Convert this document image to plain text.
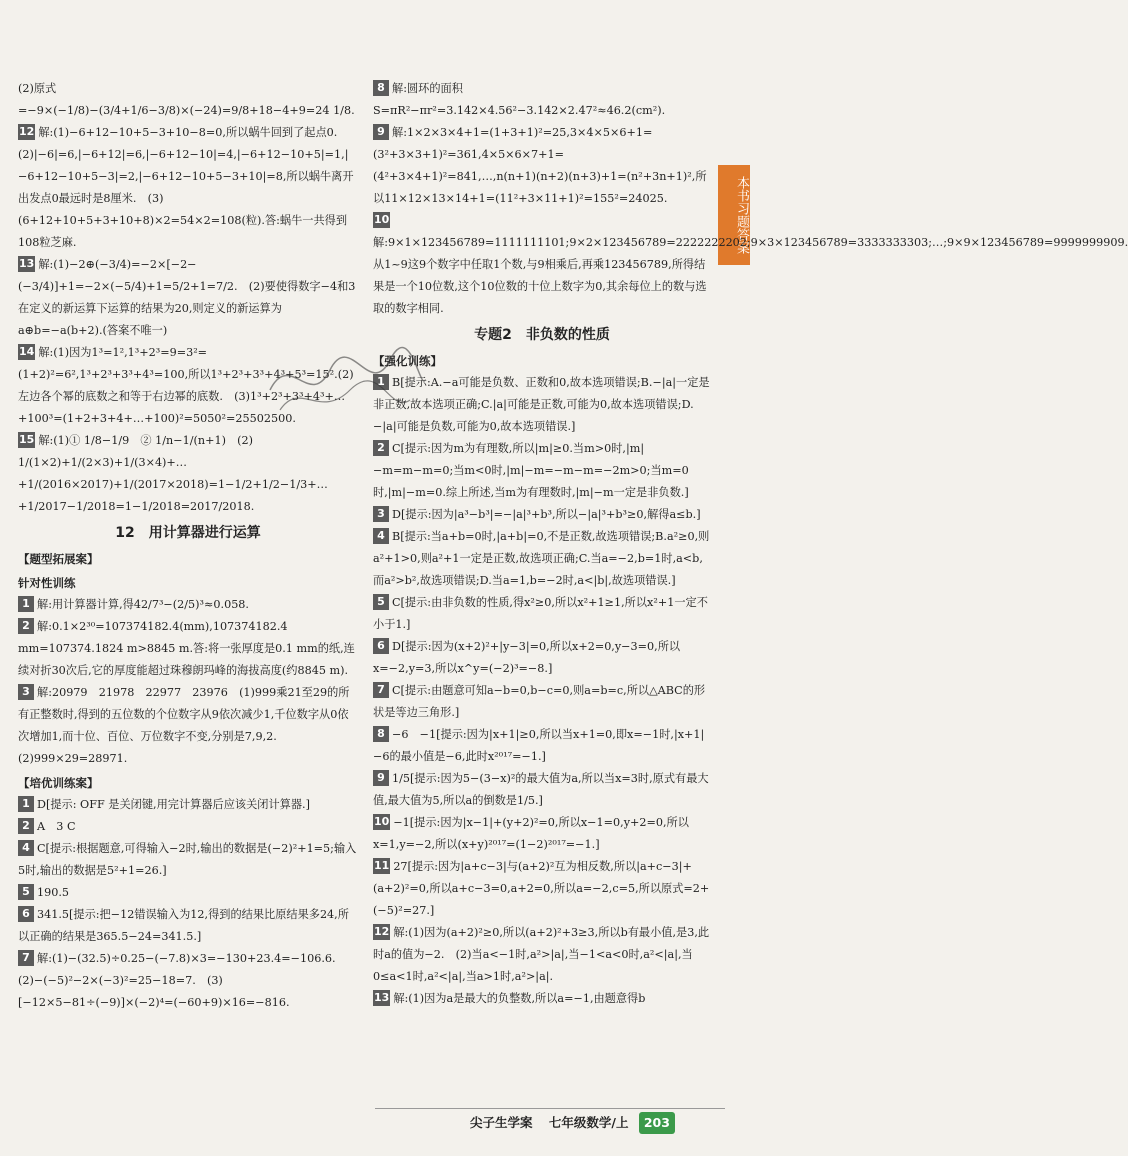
本书习题答案

(2)原式=−9×(−1/8)−(3/4+1/6−3/8)×(−24)=9/8+18−4+9=24 1/8.

12 解:(1)−6+12−10+5−3+10−8=0,所以蜗牛回到了起点0.　(2)|−6|=6,|−6+12|=6,|−6+12−10|=4,|−6+12−10+5|=1,|−6+12−10+5−3|=2,|−6+12−10+5−3+10|=8,所以蜗牛离开出发点0最远时是8厘米.　(3)(6+12+10+5+3+10+8)×2=54×2=108(粒).答:蜗牛一共得到108粒芝麻.

13 解:(1)−2⊕(−3/4)=−2×[−2−(−3/4)]+1=−2×(−5/4)+1=5/2+1=7/2.　(2)要使得数字−4和3在定义的新运算下运算的结果为20,则定义的新运算为a⊕b=−a(b+2).(答案不唯一)

14 解:(1)因为1³=1²,1³+2³=9=3²=(1+2)²=6²,1³+2³+3³+4³=100,所以1³+2³+3³+4³+5³=15².(2)左边各个幂的底数之和等于右边幂的底数.　(3)1³+2³+3³+4³+…+100³=(1+2+3+4+…+100)²=5050²=25502500.

15 解:(1)① 1/8−1/9　② 1/n−1/(n+1)　(2) 1/(1×2)+1/(2×3)+1/(3×4)+…+1/(2016×2017)+1/(2017×2018)=1−1/2+1/2−1/3+…+1/2017−1/2018=1−1/2018=2017/2018.

12　用计算器进行运算
【题型拓展案】
针对性训练

1 解:用计算器计算,得42/7³−(2/5)³≈0.058.

2 解:0.1×2³⁰=107374182.4(mm),107374182.4 mm=107374.1824 m>8845 m.答:将一张厚度是0.1 mm的纸,连续对折30次后,它的厚度能超过珠穆朗玛峰的海拔高度(约8845 m).

3 解:20979　21978　22977　23976　(1)999乘21至29的所有正整数时,得到的五位数的个位数字从9依次减少1,千位数字从0依次增加1,而十位、百位、万位数字不变,分别是7,9,2.　(2)999×29=28971.

【培优训练案】

1 D[提示: OFF 是关闭键,用完计算器后应该关闭计算器.]

2 A　3 C

4 C[提示:根据题意,可得输入−2时,输出的数据是(−2)²+1=5;输入5时,输出的数据是5²+1=26.]

5 190.5

6 341.5[提示:把−12错误输入为12,得到的结果比原结果多24,所以正确的结果是365.5−24=341.5.]

7 解:(1)−(32.5)÷0.25−(−7.8)×3=−130+23.4=−106.6.　(2)−(−5)²−2×(−3)²=25−18=7.　(3)[−12×5−81÷(−9)]×(−2)⁴=(−60+9)×16=−816.

8 解:圆环的面积S=πR²−πr²=3.142×4.56²−3.142×2.47²≈46.2(cm²).

9 解:1×2×3×4+1=(1+3+1)²=25,3×4×5×6+1=(3²+3×3+1)²=361,4×5×6×7+1=(4²+3×4+1)²=841,…,n(n+1)(n+2)(n+3)+1=(n²+3n+1)²,所以11×12×13×14+1=(11²+3×11+1)²=155²=24025.

10解:9×1×123456789=1111111101;9×2×123456789=2222222202;9×3×123456789=3333333303;…;9×9×123456789=9999999909.从1~9这9个数字中任取1个数,与9相乘后,再乘123456789,所得结果是一个10位数,这个10位数的十位上数字为0,其余每位上的数与选取的数字相同.

专题2　非负数的性质
【强化训练】

1 B[提示:A.−a可能是负数、正数和0,故本选项错误;B.−|a|一定是非正数,故本选项正确;C.|a|可能是正数,可能为0,故本选项错误;D.−|a|可能是负数,可能为0,故本选项错误.]

2 C[提示:因为m为有理数,所以|m|≥0.当m>0时,|m|−m=m−m=0;当m<0时,|m|−m=−m−m=−2m>0;当m=0时,|m|−m=0.综上所述,当m为有理数时,|m|−m一定是非负数.]

3 D[提示:因为|a³−b³|=−|a|³+b³,所以−|a|³+b³≥0,解得a≤b.]

4 B[提示:当a+b=0时,|a+b|=0,不是正数,故选项错误;B.a²≥0,则a²+1>0,则a²+1一定是正数,故选项正确;C.当a=−2,b=1时,a<b,而a²>b²,故选项错误;D.当a=1,b=−2时,a<|b|,故选项错误.]

5 C[提示:由非负数的性质,得x²≥0,所以x²+1≥1,所以x²+1一定不小于1.]

6 D[提示:因为(x+2)²+|y−3|=0,所以x+2=0,y−3=0,所以x=−2,y=3,所以x^y=(−2)³=−8.]

7 C[提示:由题意可知a−b=0,b−c=0,则a=b=c,所以△ABC的形状是等边三角形.]

8 −6　−1[提示:因为|x+1|≥0,所以当x+1=0,即x=−1时,|x+1|−6的最小值是−6,此时x²⁰¹⁷=−1.]

9 1/5[提示:因为5−(3−x)²的最大值为a,所以当x=3时,原式有最大值,最大值为5,所以a的倒数是1/5.]

10 −1[提示:因为|x−1|+(y+2)²=0,所以x−1=0,y+2=0,所以x=1,y=−2,所以(x+y)²⁰¹⁷=(1−2)²⁰¹⁷=−1.]

11 27[提示:因为|a+c−3|与(a+2)²互为相反数,所以|a+c−3|+(a+2)²=0,所以a+c−3=0,a+2=0,所以a=−2,c=5,所以原式=2+(−5)²=27.]

12 解:(1)因为(a+2)²≥0,所以(a+2)²+3≥3,所以b有最小值,是3,此时a的值为−2.　(2)当a<−1时,a²>|a|,当−1<a<0时,a²<|a|,当0≤a<1时,a²<|a|,当a>1时,a²>|a|.

13 解:(1)因为a是最大的负整数,所以a=−1,由题意得b

尖子生学案 七年级数学/上 203
